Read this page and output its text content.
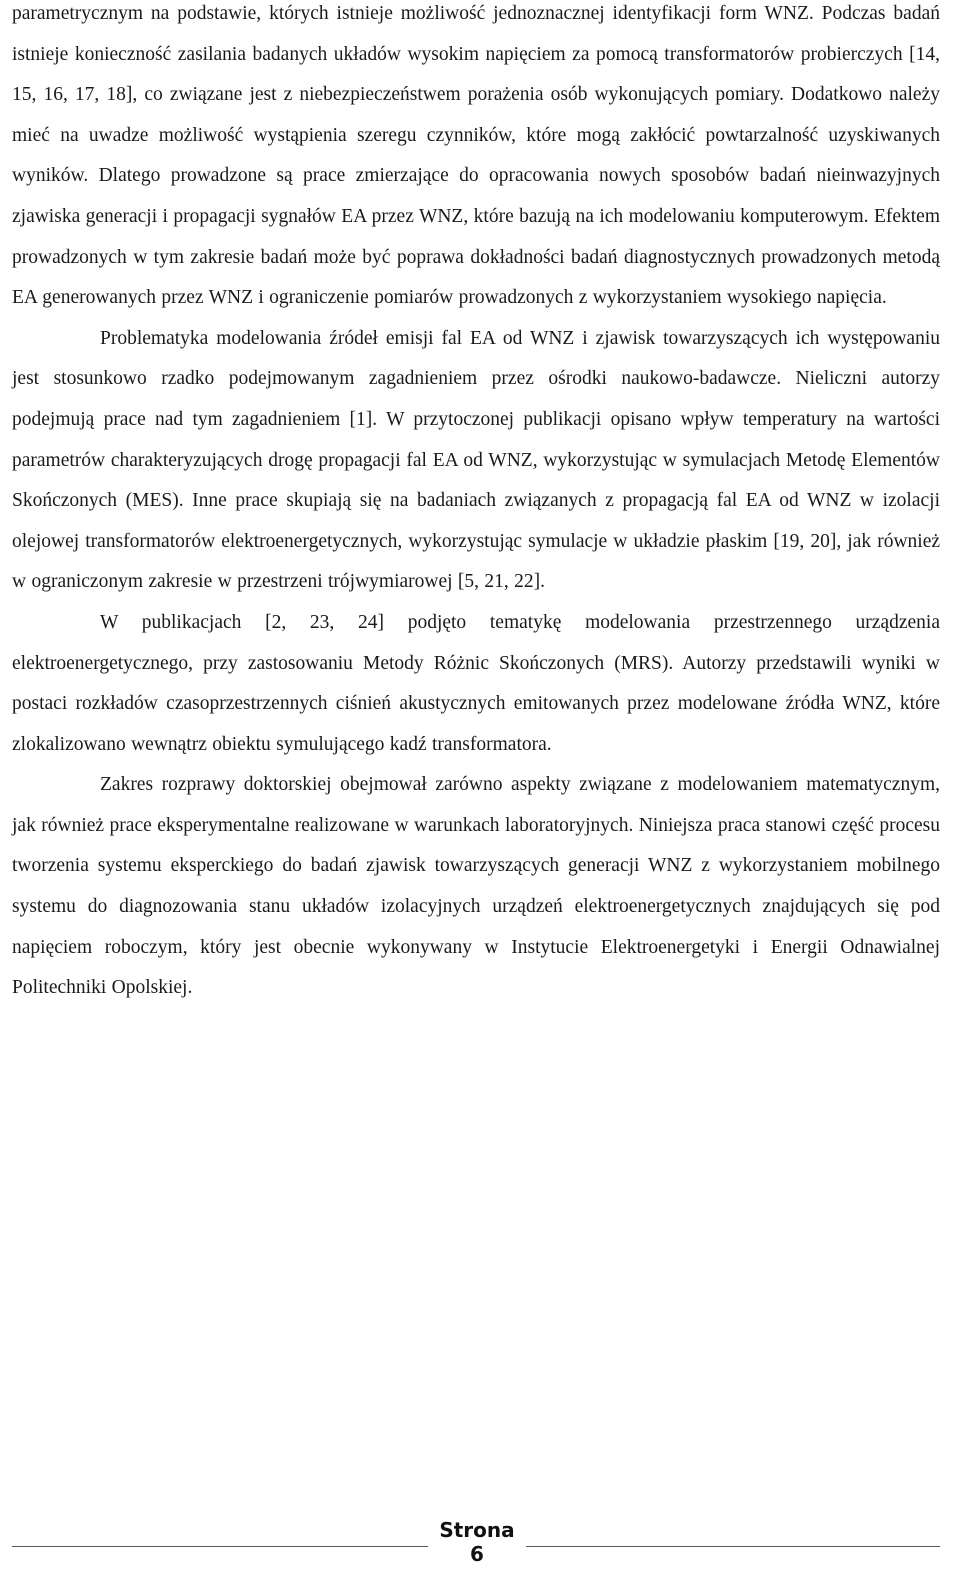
parametrycznym na podstawie, których istnieje możliwość jednoznacznej identyfikacji form WNZ. Podczas badań istnieje konieczność zasilania badanych układów wysokim napięciem za pomocą transformatorów probierczych [14, 15, 16, 17, 18], co związane jest z niebezpieczeństwem porażenia osób wykonujących pomiary. Dodatkowo należy mieć na uwadze możliwość wystąpienia szeregu czynników, które mogą zakłócić powtarzalność uzyskiwanych wyników. Dlatego prowadzone są prace zmierzające do opracowania nowych sposobów badań nieinwazyjnych zjawiska generacji i propagacji sygnałów EA przez WNZ, które bazują na ich modelowaniu komputerowym. Efektem prowadzonych w tym zakresie badań może być poprawa dokładności badań diagnostycznych prowadzonych metodą EA generowanych przez WNZ i ograniczenie pomiarów prowadzonych z wykorzystaniem wysokiego napięcia.

Problematyka modelowania źródeł emisji fal EA od WNZ i zjawisk towarzyszących ich występowaniu jest stosunkowo rzadko podejmowanym zagadnieniem przez ośrodki naukowo-badawcze. Nieliczni autorzy podejmują prace nad tym zagadnieniem [1]. W przytoczonej publikacji opisano wpływ temperatury na wartości parametrów charakteryzujących drogę propagacji fal EA od WNZ, wykorzystując w symulacjach Metodę Elementów Skończonych (MES). Inne prace skupiają się na badaniach związanych z propagacją fal EA od WNZ w izolacji olejowej transformatorów elektroenergetycznych, wykorzystując symulacje w układzie płaskim [19, 20], jak również w ograniczonym zakresie w przestrzeni trójwymiarowej [5, 21, 22].

W publikacjach [2, 23, 24] podjęto tematykę modelowania przestrzennego urządzenia elektroenergetycznego, przy zastosowaniu Metody Różnic Skończonych (MRS). Autorzy przedstawili wyniki w postaci rozkładów czasoprzestrzennych ciśnień akustycznych emitowanych przez modelowane źródła WNZ, które zlokalizowano wewnątrz obiektu symulującego kadź transformatora.

Zakres rozprawy doktorskiej obejmował zarówno aspekty związane z modelowaniem matematycznym, jak również prace eksperymentalne realizowane w warunkach laboratoryjnych. Niniejsza praca stanowi część procesu tworzenia systemu eksperckiego do badań zjawisk towarzyszących generacji WNZ z wykorzystaniem mobilnego systemu do diagnozowania stanu układów izolacyjnych urządzeń elektroenergetycznych znajdujących się pod napięciem roboczym, który jest obecnie wykonywany w Instytucie Elektroenergetyki i Energii Odnawialnej Politechniki Opolskiej.

Strona
6
